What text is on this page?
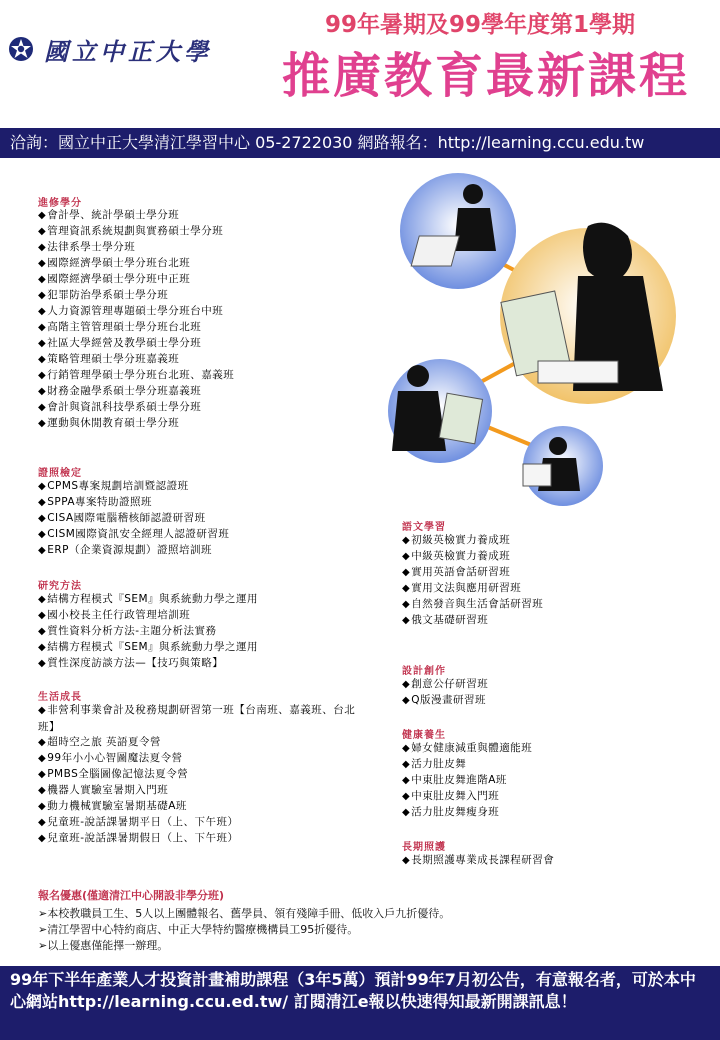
國立中正大學
99年暑期及99學年度第1學期
推廣教育最新課程
洽詢：國立中正大學清江學習中心 05-2722030 網路報名：http://learning.ccu.edu.tw
進修學分
◆會計學、統計學碩士學分班
◆管理資訊系統規劃與實務碩士學分班
◆法律系學士學分班
◆國際經濟學碩士學分班台北班
◆國際經濟學碩士學分班中正班
◆犯罪防治學系碩士學分班
◆人力資源管理專題碩士學分班台中班
◆高階主管管理碩士學分班台北班
◆社區大學經營及教學碩士學分班
◆策略管理碩士學分班嘉義班
◆行銷管理學碩士學分班台北班、嘉義班
◆財務金融學系碩士學分班嘉義班
◆會計與資訊科技學系碩士學分班
◆運動與休閒教育碩士學分班
證照檢定
◆CPMS專案規劃培訓暨認證班
◆SPPA專案特助證照班
◆CISA國際電腦稽核師認證研習班
◆CISM國際資訊安全經理人認證研習班
◆ERP（企業資源規劃）證照培訓班
研究方法
◆結構方程模式『SEM』與系統動力學之運用
◆國小校長主任行政管理培訓班
◆質性資料分析方法-主題分析法實務
◆結構方程模式『SEM』與系統動力學之運用
◆質性深度訪談方法—【技巧與策略】
生活成長
◆非營利事業會計及稅務規劃研習第一班【台南班、嘉義班、台北班】
◆超時空之旅 英語夏令營
◆99年小小心智圖魔法夏令營
◆PMBS全腦圖像記憶法夏令營
◆機器人實驗室暑期入門班
◆動力機械實驗室暑期基礎A班
◆兒童班-說話課暑期平日（上、下午班）
◆兒童班-說話課暑期假日（上、下午班）
語文學習
◆初級英檢實力養成班
◆中級英檢實力養成班
◆實用英語會話研習班
◆實用文法與應用研習班
◆自然發音與生活會話研習班
◆俄文基礎研習班
設計創作
◆創意公仔研習班
◆Q版漫畫研習班
健康養生
◆婦女健康減重與體適能班
◆活力肚皮舞
◆中東肚皮舞進階A班
◆中東肚皮舞入門班
◆活力肚皮舞瘦身班
長期照護
◆長期照護專業成長課程研習會
報名優惠(僅適清江中心開設非學分班)
➢本校教職員工生、5人以上團體報名、舊學員、領有殘障手冊、低收入戶九折優待。
➢清江學習中心特約商店、中正大學特約醫療機構員工95折優待。
➢以上優惠僅能擇一辦理。
99年下半年產業人才投資計畫補助課程（3年5萬）預計99年7月初公告，有意報名者，可於本中心網站http://learning.ccu.ed.tw/ 訂閱清江e報以快速得知最新開課訊息！
